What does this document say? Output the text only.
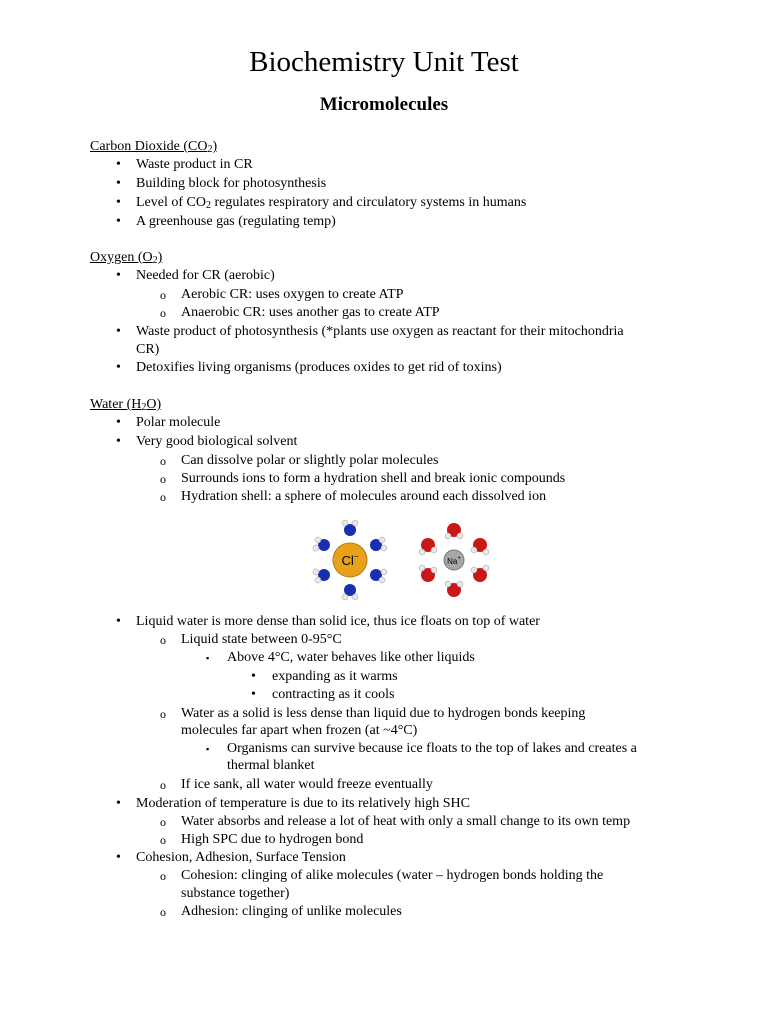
Biochemistry Unit Test
Micromolecules
Carbon Dioxide $(CO_2)$
• Waste product in CR
• Building block for photosynthesis
• Level of $CO_2$ regulates respiratory and circulatory systems in humans
• A greenhouse gas (regulating temp)
Oxygen $(O_2)$
• Needed for CR (aerobic)
o Aerobic CR: uses oxygen to create ATP
o Anaerobic CR: uses another gas to create ATP
• Waste product of photosynthesis (*plants use oxygen as reactant for their mitochondria
CR)
• Detoxifies living organisms (produces oxides to get rid of toxins)
Water $(H_2O)$
• Polar molecule
• Very good biological solvent
o Can dissolve polar or slightly polar molecules
o Surrounds ions to form a hydration shell and break ionic compounds
o Hydration shell: a sphere of molecules around each dissolved ion
Cl−
Na+
• Liquid water is more dense than solid ice, thus ice floats on top of water
o Liquid state between 0-95°C
▪ Above 4°C, water behaves like other liquids
• expanding as it warms
• contracting as it cools
o Water as a solid is less dense than liquid due to hydrogen bonds keeping
molecules far apart when frozen (at ~4°C)
▪ Organisms can survive because ice floats to the top of lakes and creates a
thermal blanket
o If ice sank, all water would freeze eventually
• Moderation of temperature is due to its relatively high SHC
o Water absorbs and release a lot of heat with only a small change to its own temp
o High SPC due to hydrogen bond
• Cohesion, Adhesion, Surface Tension
o Cohesion: clinging of alike molecules (water – hydrogen bonds holding the
substance together)
o Adhesion: clinging of unlike molecules
